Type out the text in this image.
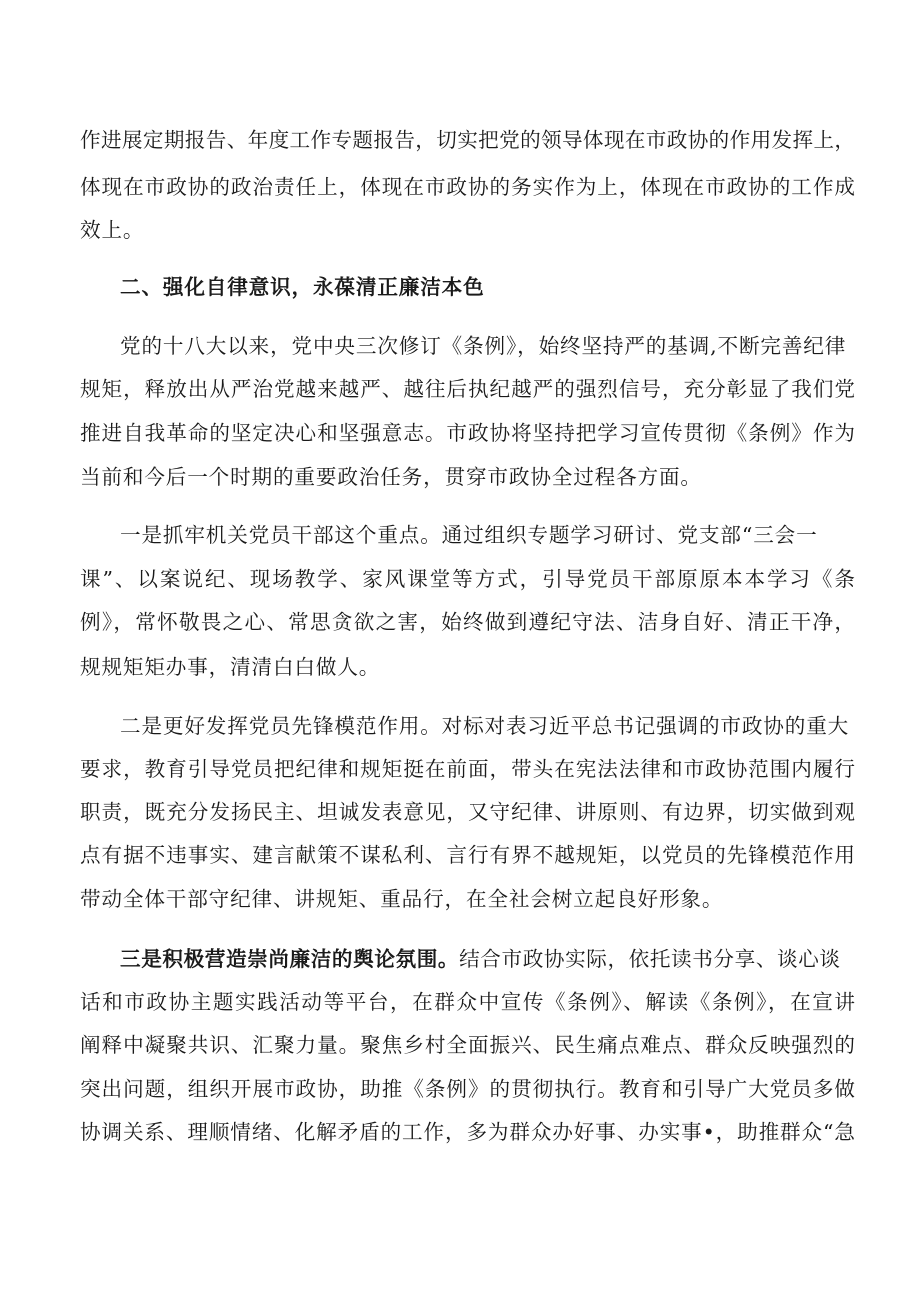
作进展定期报告、年度工作专题报告，切实把党的领导体现在市政协的作用发挥上，
体现在市政协的政治责任上，体现在市政协的务实作为上，体现在市政协的工作成
效上。
二、强化自律意识，永葆清正廉洁本色
党的十八大以来，党中央三次修订《条例》，始终坚持严的基调,不断完善纪律
规矩，释放出从严治党越来越严、越往后执纪越严的强烈信号，充分彰显了我们党
推进自我革命的坚定决心和坚强意志。市政协将坚持把学习宣传贯彻《条例》作为
当前和今后一个时期的重要政治任务，贯穿市政协全过程各方面。
一是抓牢机关党员干部这个重点。通过组织专题学习研讨、党支部“三会一
课”、以案说纪、现场教学、家风课堂等方式，引导党员干部原原本本学习《条
例》，常怀敬畏之心、常思贪欲之害，始终做到遵纪守法、洁身自好、清正干净，
规规矩矩办事，清清白白做人。
二是更好发挥党员先锋模范作用。对标对表习近平总书记强调的市政协的重大
要求，教育引导党员把纪律和规矩挺在前面，带头在宪法法律和市政协范围内履行
职责，既充分发扬民主、坦诚发表意见，又守纪律、讲原则、有边界，切实做到观
点有据不违事实、建言献策不谋私利、言行有界不越规矩，以党员的先锋模范作用
带动全体干部守纪律、讲规矩、重品行，在全社会树立起良好形象。
三是积极营造崇尚廉洁的舆论氛围。结合市政协实际，依托读书分享、谈心谈
话和市政协主题实践活动等平台，在群众中宣传《条例》、解读《条例》，在宣讲
阐释中凝聚共识、汇聚力量。聚焦乡村全面振兴、民生痛点难点、群众反映强烈的
突出问题，组织开展市政协，助推《条例》的贯彻执行。教育和引导广大党员多做
协调关系、理顺情绪、化解矛盾的工作，多为群众办好事、办实事•，助推群众“急
